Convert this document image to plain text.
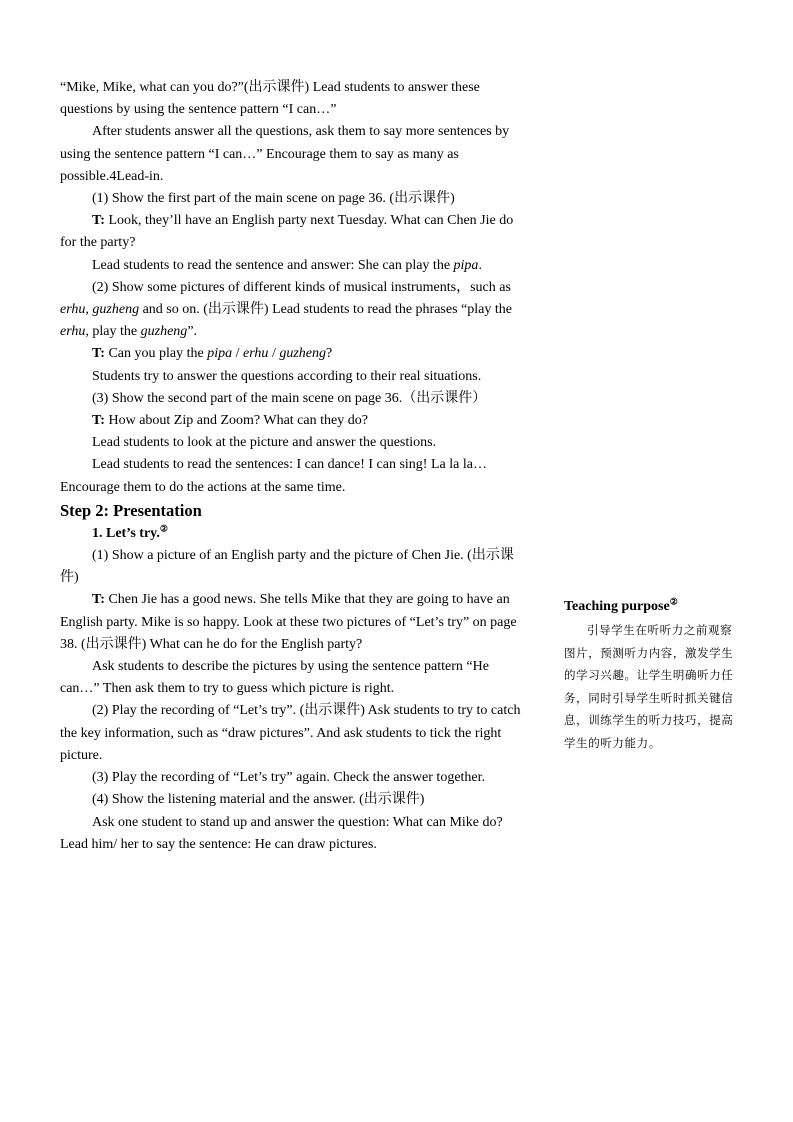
“Mike, Mike, what can you do?”(出示课件) Lead students to answer these questions by using the sentence pattern “I can…”

After students answer all the questions, ask them to say more sentences by using the sentence pattern “I can…” Encourage them to say as many as possible.4Lead-in.

(1) Show the first part of the main scene on page 36. (出示课件)

T: Look, they’ll have an English party next Tuesday. What can Chen Jie do for the party?

Lead students to read the sentence and answer: She can play the pipa.

(2) Show some pictures of different kinds of musical instruments，such as erhu, guzheng and so on. (出示课件) Lead students to read the phrases “play the erhu, play the guzheng”.

T: Can you play the pipa / erhu / guzheng?

Students try to answer the questions according to their real situations.

(3) Show the second part of the main scene on page 36.（出示课件）

T: How about Zip and Zoom? What can they do?

Lead students to look at the picture and answer the questions.

Lead students to read the sentences: I can dance! I can sing! La la la… Encourage them to do the actions at the same time.

Step 2: Presentation

1. Let’s try.②

(1) Show a picture of an English party and the picture of Chen Jie. (出示课件)

T: Chen Jie has a good news. She tells Mike that they are going to have an English party. Mike is so happy. Look at these two pictures of “Let’s try” on page 38. (出示课件) What can he do for the English party?

Ask students to describe the pictures by using the sentence pattern “He can…” Then ask them to try to guess which picture is right.

(2) Play the recording of “Let’s try”. (出示课件) Ask students to try to catch the key information, such as “draw pictures”. And ask students to tick the right picture.

(3) Play the recording of “Let’s try” again. Check the answer together.

(4) Show the listening material and the answer. (出示课件)

Ask one student to stand up and answer the question: What can Mike do? Lead him/ her to say the sentence: He can draw pictures.

Teaching purpose②
引导学生在听听力之前观察图片，预测听力内容，激发学生的学习兴趣。让学生明确听力任务，同时引导学生听时抓关键信息，训练学生的听力技巧，提高学生的听力能力。
